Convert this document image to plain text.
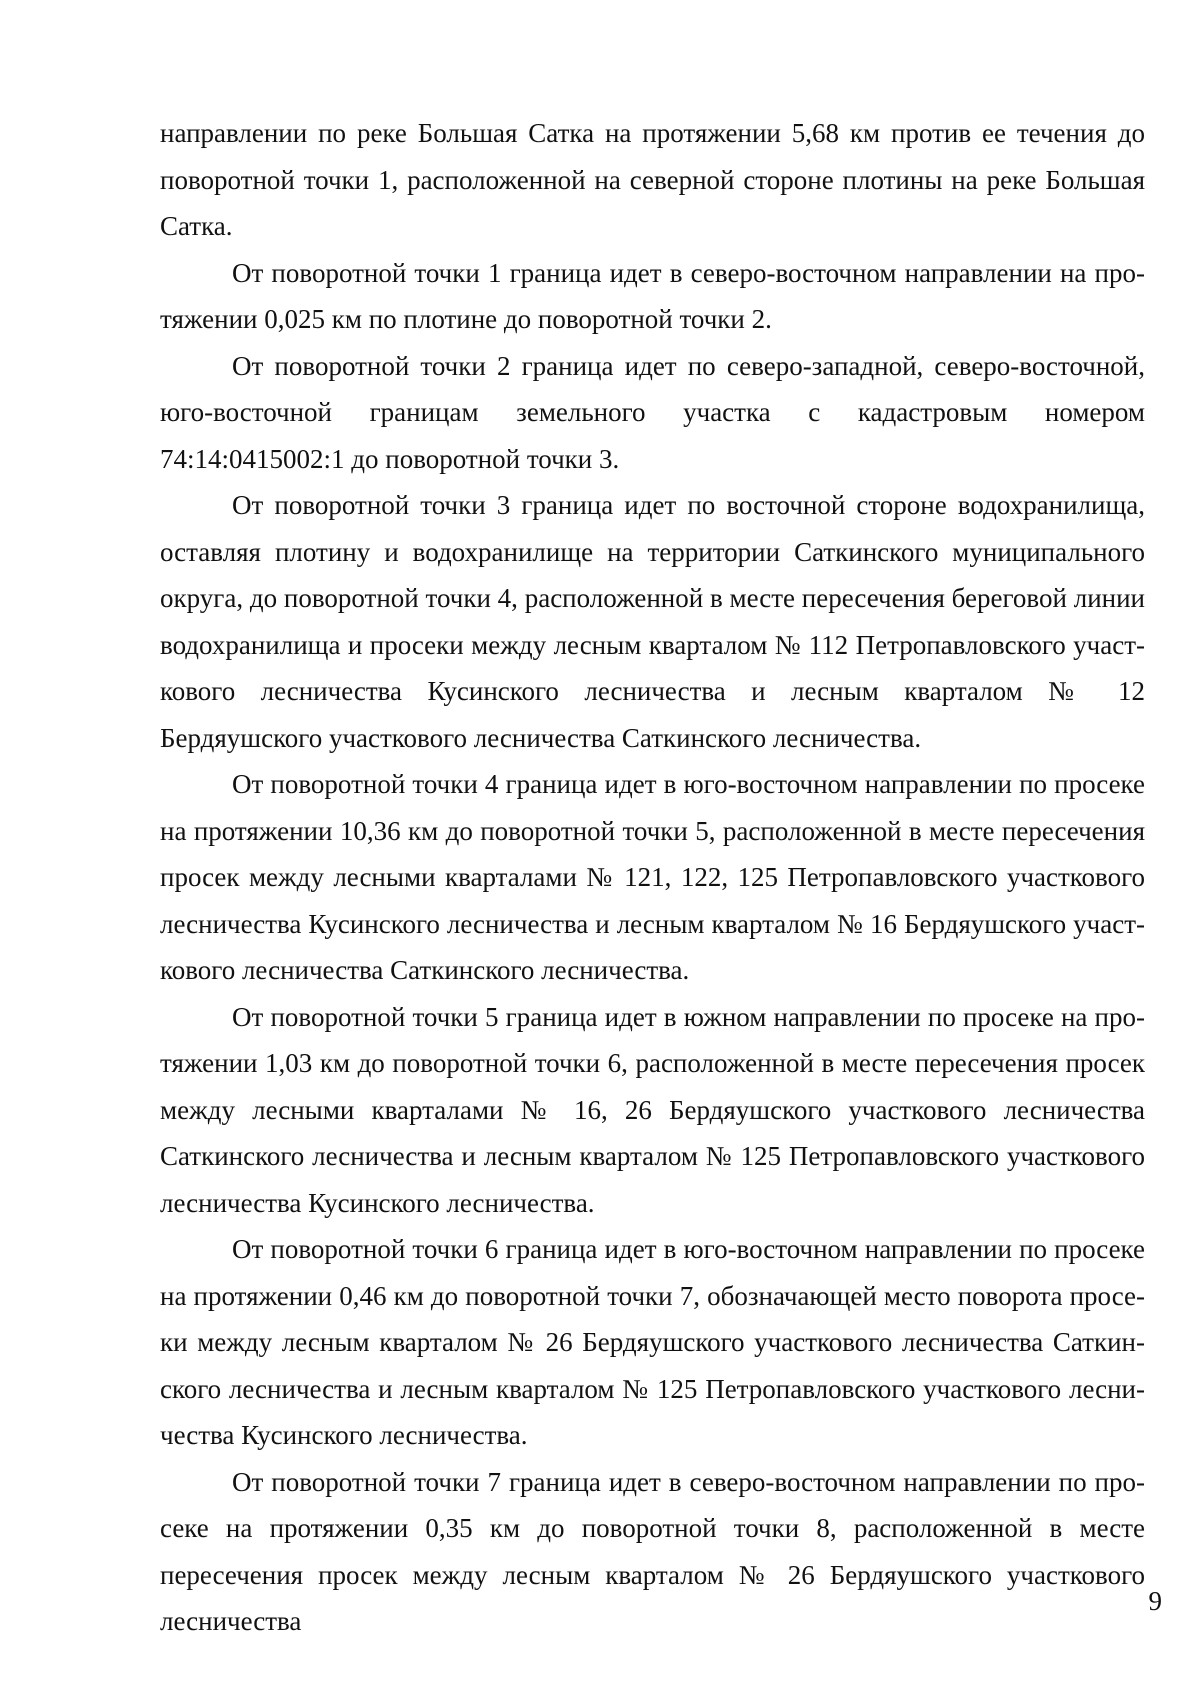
направлении по реке Большая Сатка на протяжении 5,68 км против ее течения до поворотной точки 1, расположенной на северной стороне плотины на реке Большая Сатка.

От поворотной точки 1 граница идет в северо-восточном направлении на протяжении 0,025 км по плотине до поворотной точки 2.

От поворотной точки 2 граница идет по северо-западной, северо-восточной, юго-восточной границам земельного участка с кадастровым номером 74:14:0415002:1 до поворотной точки 3.

От поворотной точки 3 граница идет по восточной стороне водохранилища, оставляя плотину и водохранилище на территории Саткинского муниципального округа, до поворотной точки 4, расположенной в месте пересечения береговой линии водохранилища и просеки между лесным кварталом № 112 Петропавловского участкового лесничества Кусинского лесничества и лесным кварталом № 12 Бердяушского участкового лесничества Саткинского лесничества.

От поворотной точки 4 граница идет в юго-восточном направлении по просеке на протяжении 10,36 км до поворотной точки 5, расположенной в месте пересечения просек между лесными кварталами № 121, 122, 125 Петропавловского участкового лесничества Кусинского лесничества и лесным кварталом № 16 Бердяушского участкового лесничества Саткинского лесничества.

От поворотной точки 5 граница идет в южном направлении по просеке на протяжении 1,03 км до поворотной точки 6, расположенной в месте пересечения просек между лесными кварталами № 16, 26 Бердяушского участкового лесничества Саткинского лесничества и лесным кварталом № 125 Петропавловского участкового лесничества Кусинского лесничества.

От поворотной точки 6 граница идет в юго-восточном направлении по просеке на протяжении 0,46 км до поворотной точки 7, обозначающей место поворота просеки между лесным кварталом № 26 Бердяушского участкового лесничества Саткинского лесничества и лесным кварталом № 125 Петропавловского участкового лесничества Кусинского лесничества.

От поворотной точки 7 граница идет в северо-восточном направлении по просеке на протяжении 0,35 км до поворотной точки 8, расположенной в месте пересечения просек между лесным кварталом № 26 Бердяушского участкового лесничества

9
